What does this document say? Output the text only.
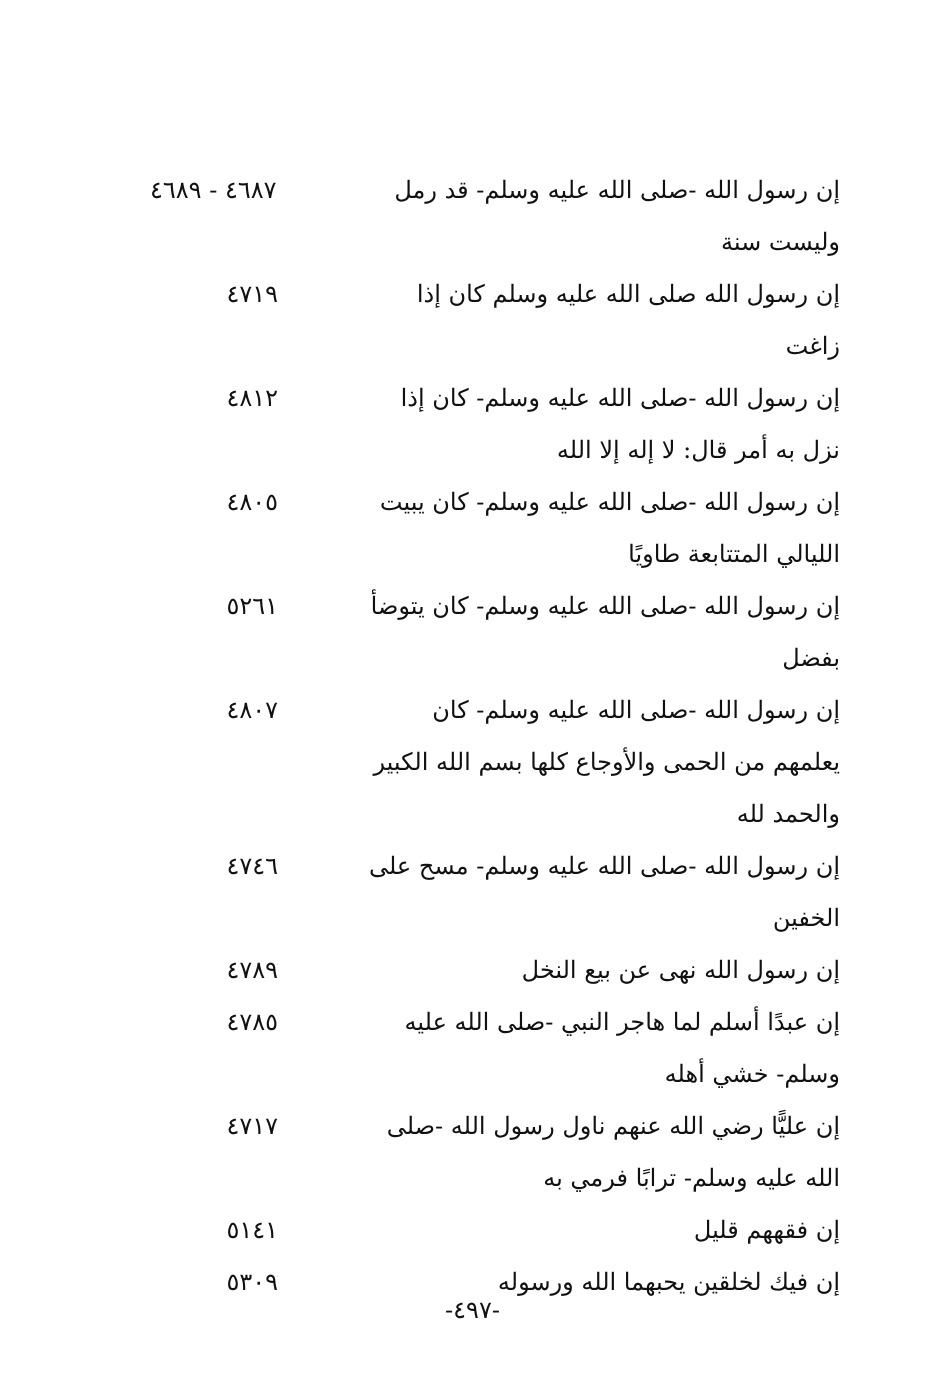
٤٦٨٧ - ٤٦٨٩	إن رسول الله -صلى الله عليه وسلم- قد رمل وليست سنة
٤٧١٩	إن رسول الله صلى الله عليه وسلم كان إذا زاغت
٤٨١٢	إن رسول الله -صلى الله عليه وسلم- كان إذا نزل به أمر قال: لا إله إلا الله
٤٨٠٥	إن رسول الله -صلى الله عليه وسلم- كان يبيت الليالي المتتابعة طاويًا
٥٢٦١	إن رسول الله -صلى الله عليه وسلم- كان يتوضأ بفضل
٤٨٠٧	إن رسول الله -صلى الله عليه وسلم- كان يعلمهم من الحمى والأوجاع كلها بسم الله الكبير والحمد لله
٤٧٤٦	إن رسول الله -صلى الله عليه وسلم- مسح على الخفين
٤٧٨٩	إن رسول الله نهى عن بيع النخل
٤٧٨٥	إن عبدًا أسلم لما هاجر النبي -صلى الله عليه وسلم- خشي أهله
٤٧١٧	إن عليًّا رضي الله عنهم ناول رسول الله -صلى الله عليه وسلم- ترابًا فرمي به
٥١٤١	إن فقههم قليل
٥٣٠٩	إن فيك لخلقين يحبهما الله ورسوله
-٤٩٧-
